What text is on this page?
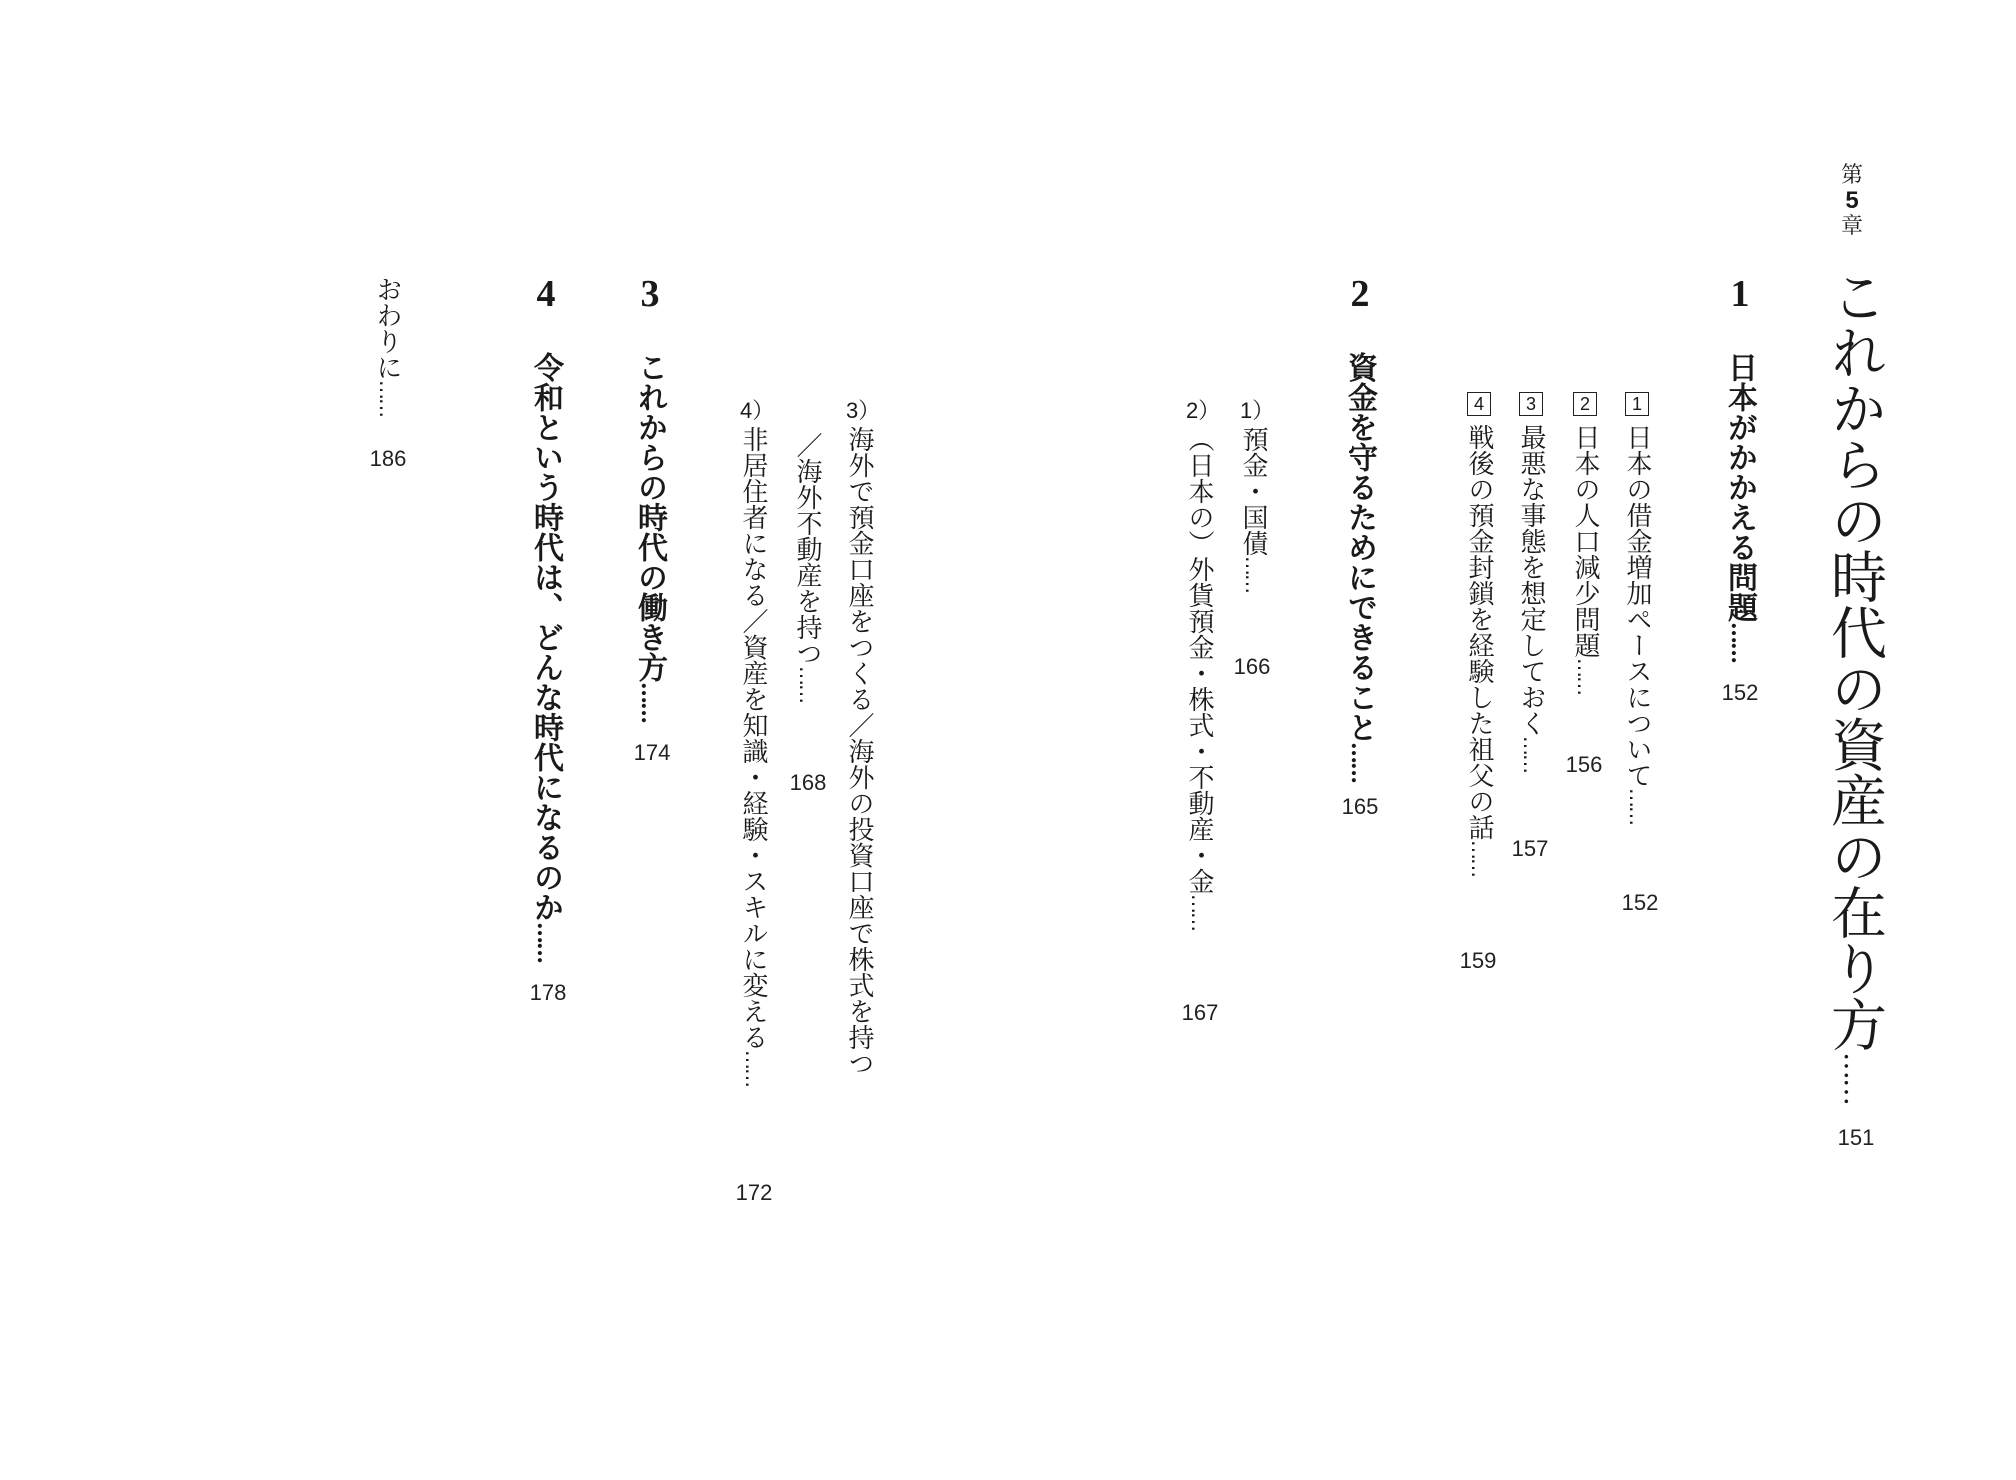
第
5
章
これからの時代の資産の在り方……
151
1
日本がかかえる問題……
152
1日本の借金増加ペースについて……
152
2日本の人口減少問題……
156
3最悪な事態を想定しておく……
157
4戦後の預金封鎖を経験した祖父の話……
159
2
資金を守るためにできること……
165
1）預金・国債……
166
2）（日本の）外貨預金・株式・不動産・金……
167
3）海外で預金口座をつくる／海外の投資口座で株式を持つ
／海外不動産を持つ……
168
4）非居住者になる／資産を知識・経験・スキルに変える……
172
3
これからの時代の働き方……
174
4
令和という時代は、どんな時代になるのか……
178
おわりに……
186
